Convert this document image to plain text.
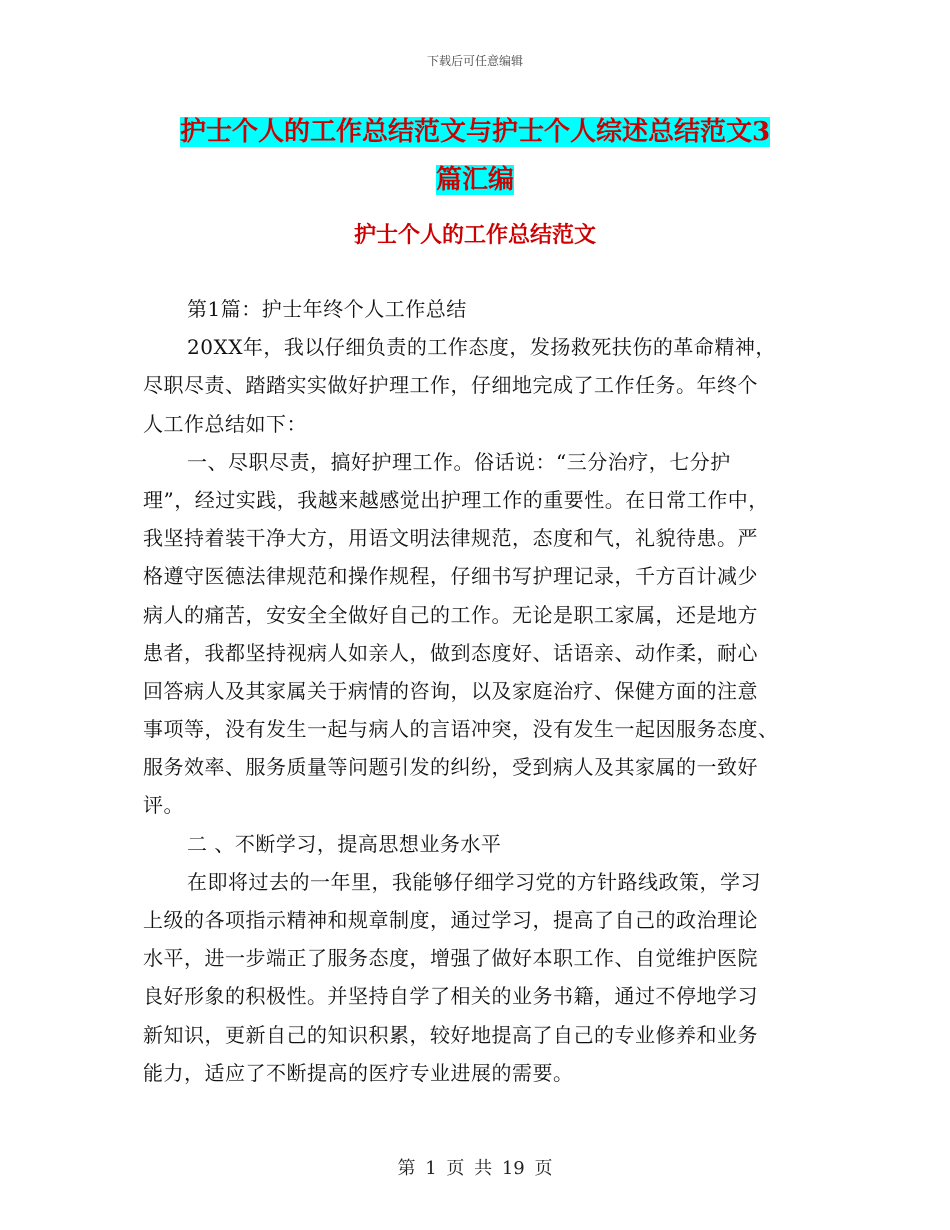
下载后可任意编辑
护士个人的工作总结范文与护士个人综述总结范文3
篇汇编
护士个人的工作总结范文
第1篇：护士年终个人工作总结
20XX年，我以仔细负责的工作态度，发扬救死扶伤的革命精神，
尽职尽责、踏踏实实做好护理工作，仔细地完成了工作任务。年终个
人工作总结如下：
一、尽职尽责，搞好护理工作。俗话说：“三分治疗，七分护
理”，经过实践，我越来越感觉出护理工作的重要性。在日常工作中，
我坚持着装干净大方，用语文明法律规范，态度和气，礼貌待患。严
格遵守医德法律规范和操作规程，仔细书写护理记录，千方百计减少
病人的痛苦，安安全全做好自己的工作。无论是职工家属，还是地方
患者，我都坚持视病人如亲人，做到态度好、话语亲、动作柔，耐心
回答病人及其家属关于病情的咨询，以及家庭治疗、保健方面的注意
事项等，没有发生一起与病人的言语冲突，没有发生一起因服务态度、
服务效率、服务质量等问题引发的纠纷，受到病人及其家属的一致好
评。
二 、不断学习，提高思想业务水平
在即将过去的一年里，我能够仔细学习党的方针路线政策，学习
上级的各项指示精神和规章制度，通过学习，提高了自己的政治理论
水平，进一步端正了服务态度，增强了做好本职工作、自觉维护医院
良好形象的积极性。并坚持自学了相关的业务书籍，通过不停地学习
新知识，更新自己的知识积累，较好地提高了自己的专业修养和业务
能力，适应了不断提高的医疗专业进展的需要。
第 1 页 共 19 页
